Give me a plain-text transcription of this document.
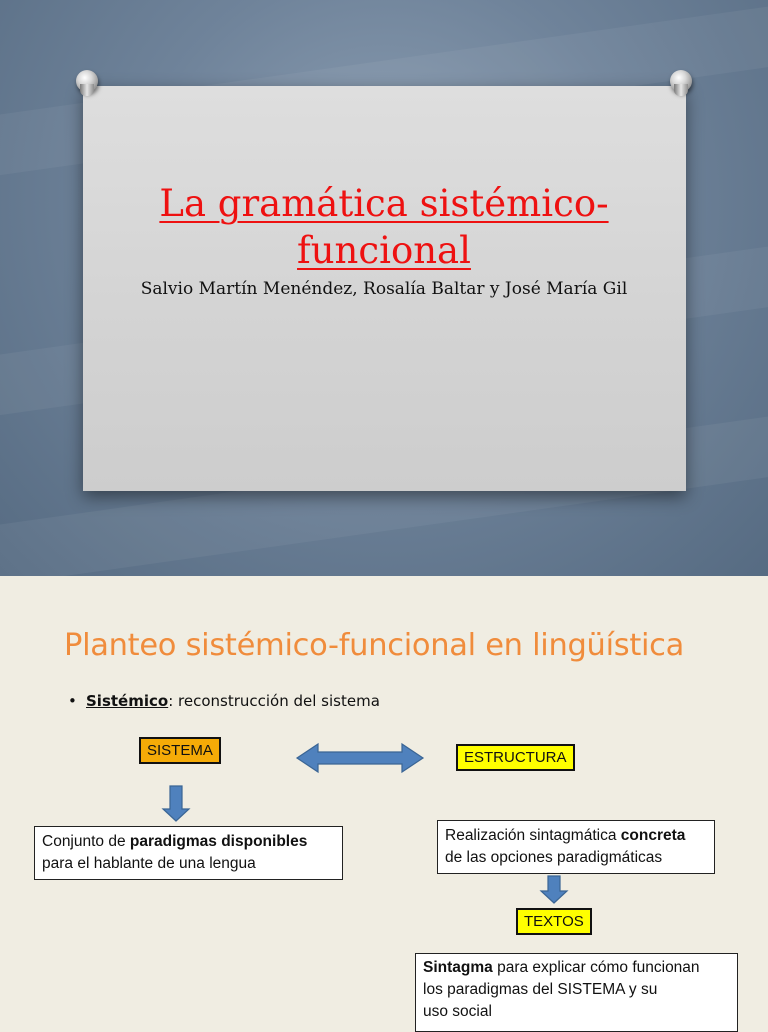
La gramática sistémico-
funcional
Salvio Martín Menéndez, Rosalía Baltar y José María Gil
Planteo sistémico-funcional en lingüística
• Sistémico: reconstrucción del sistema
SISTEMA	ESTRUCTURA
TEXTOS
Conjunto de paradigmas disponibles
para el hablante de una lengua
Realización sintagmática concreta
de las opciones paradigmáticas
Sintagma para explicar cómo funcionan
los paradigmas del SISTEMA y su
uso social
